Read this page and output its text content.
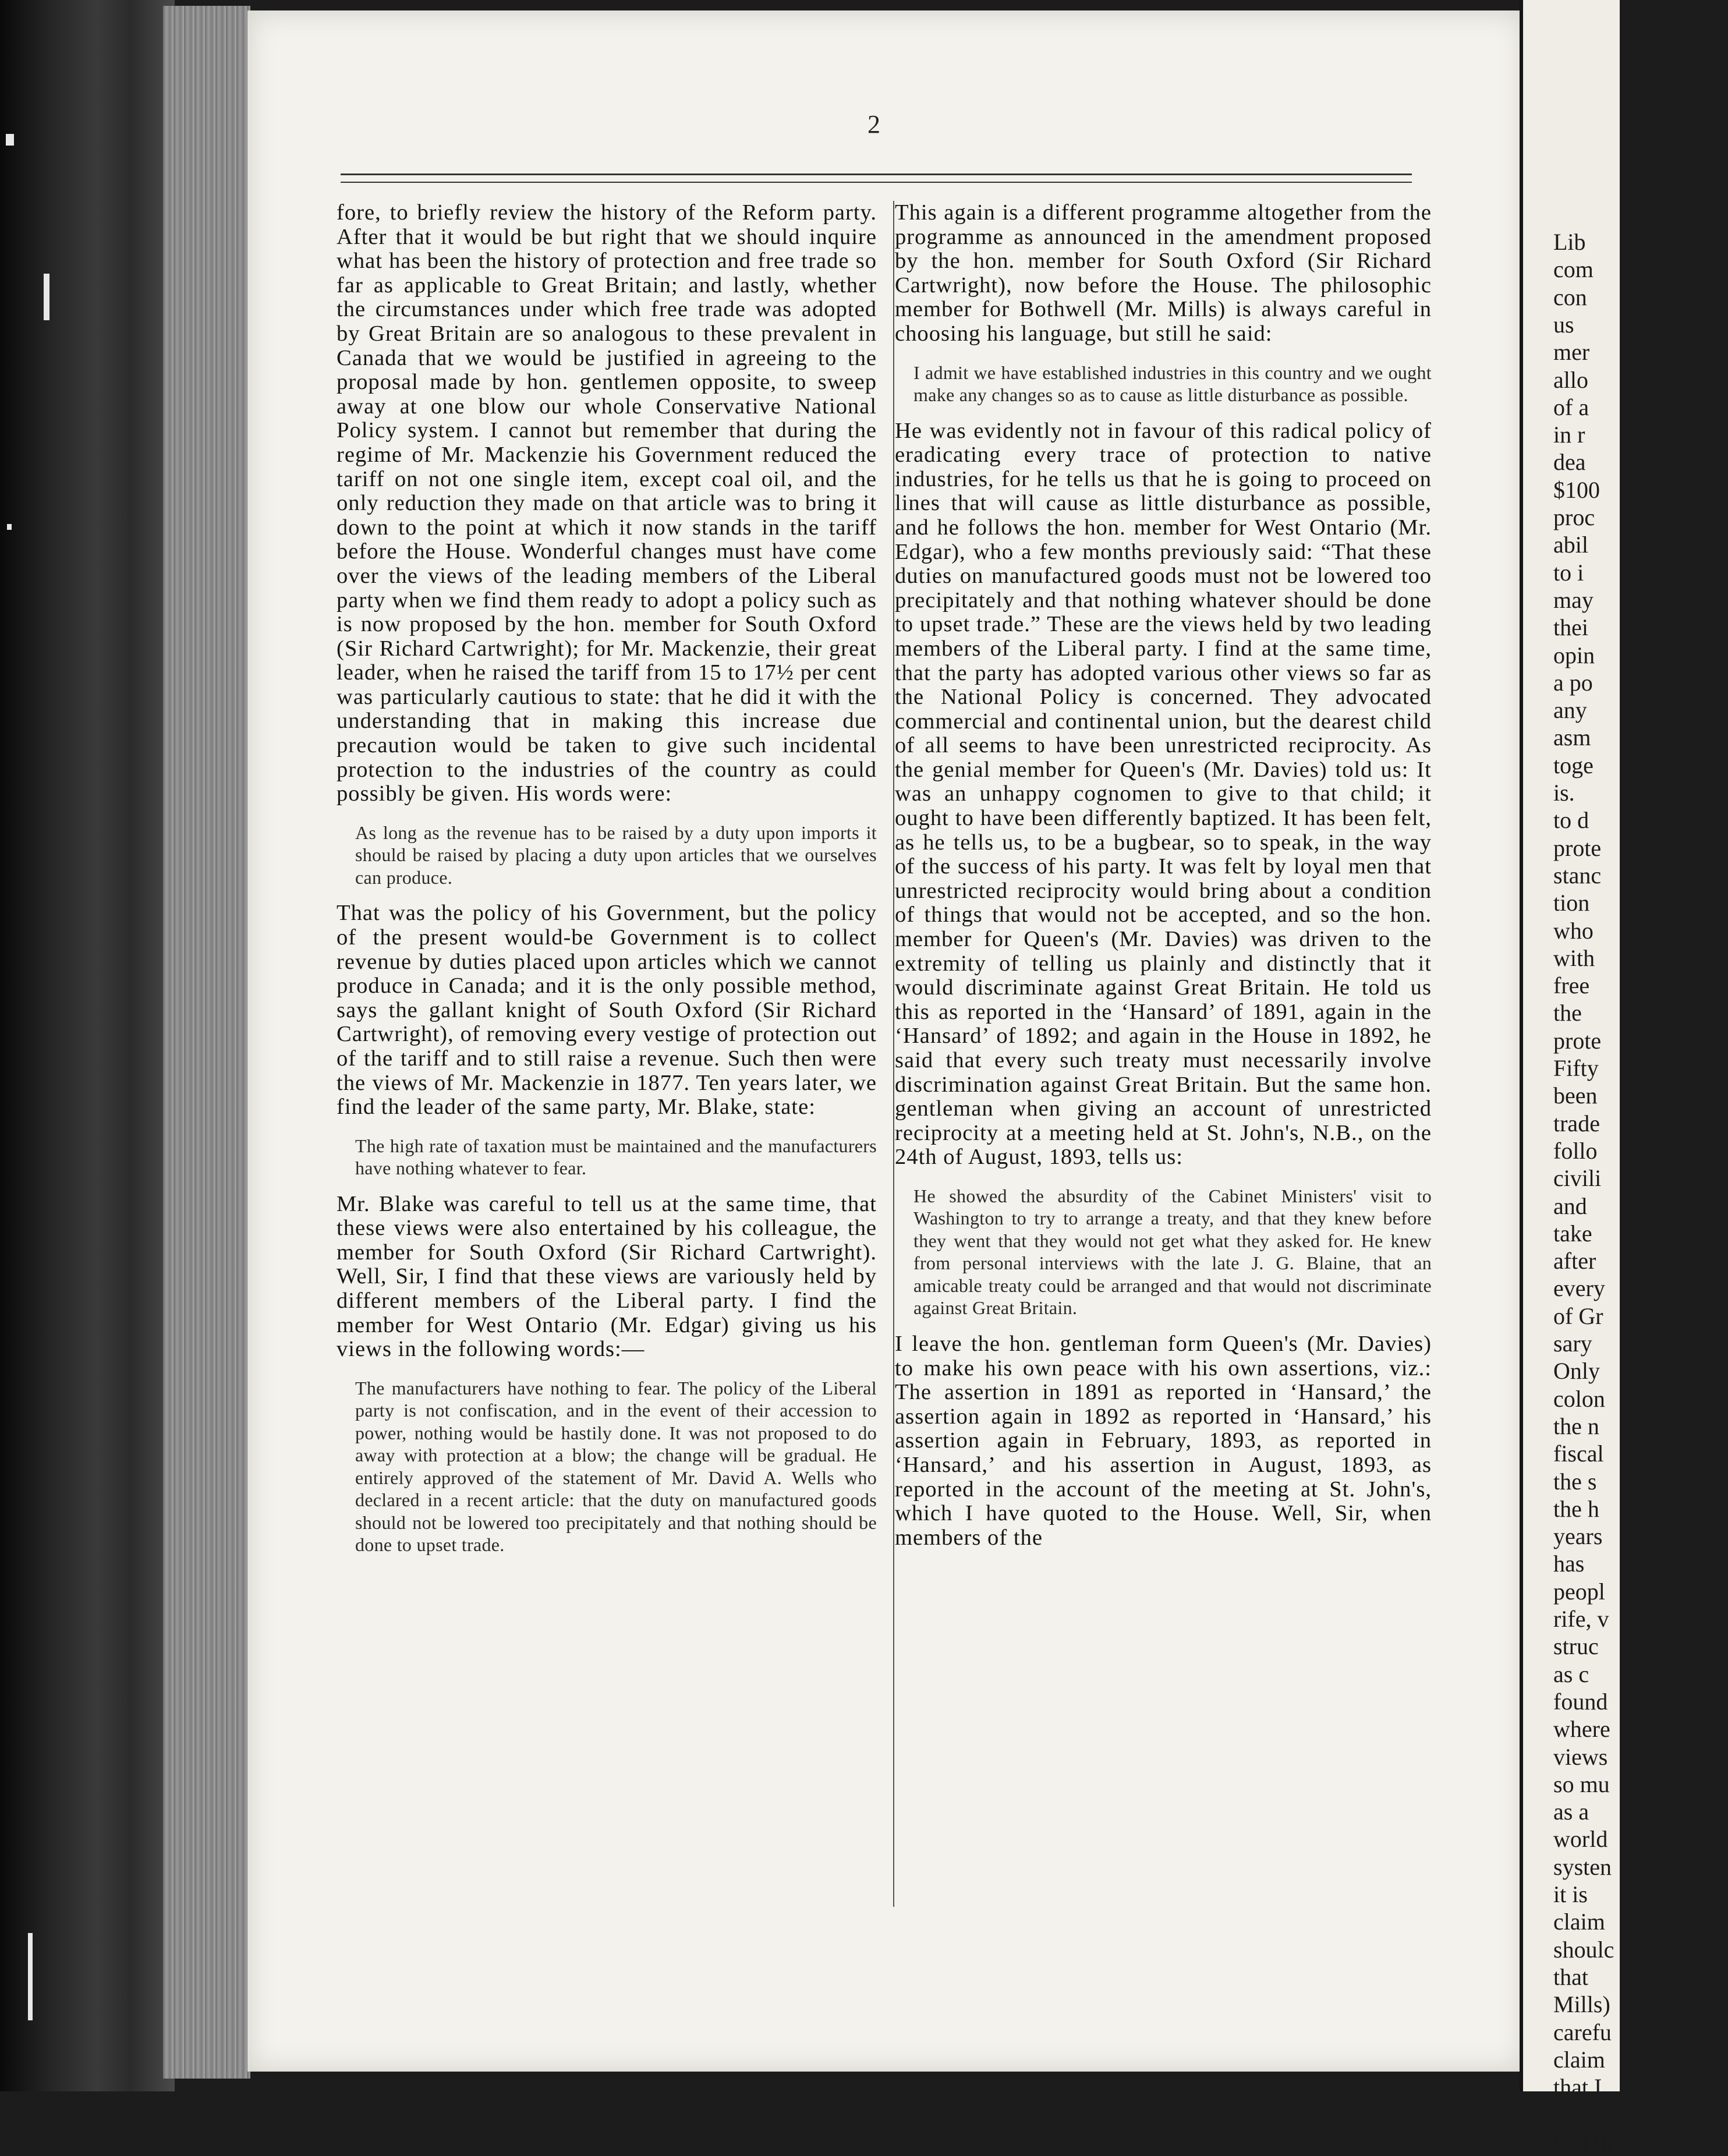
2

fore, to briefly review the history of the Reform party. After that it would be but right that we should inquire what has been the history of protection and free trade so far as applicable to Great Britain; and lastly, whether the circumstances under which free trade was adopted by Great Britain are so analogous to these prevalent in Canada that we would be justified in agreeing to the proposal made by hon. gentlemen opposite, to sweep away at one blow our whole Conservative National Policy system. I cannot but remember that during the regime of Mr. Mackenzie his Government reduced the tariff on not one single item, except coal oil, and the only reduction they made on that article was to bring it down to the point at which it now stands in the tariff before the House. Wonderful changes must have come over the views of the leading members of the Liberal party when we find them ready to adopt a policy such as is now proposed by the hon. member for South Oxford (Sir Richard Cartwright); for Mr. Mackenzie, their great leader, when he raised the tariff from 15 to 17½ per cent was particularly cautious to state: that he did it with the understanding that in making this increase due precaution would be taken to give such incidental protection to the industries of the country as could possibly be given. His words were:

As long as the revenue has to be raised by a duty upon imports it should be raised by placing a duty upon articles that we ourselves can produce.

That was the policy of his Government, but the policy of the present would-be Government is to collect revenue by duties placed upon articles which we cannot produce in Canada; and it is the only possible method, says the gallant knight of South Oxford (Sir Richard Cartwright), of removing every vestige of protection out of the tariff and to still raise a revenue. Such then were the views of Mr. Mackenzie in 1877. Ten years later, we find the leader of the same party, Mr. Blake, state:

The high rate of taxation must be maintained and the manufacturers have nothing whatever to fear.

Mr. Blake was careful to tell us at the same time, that these views were also entertained by his colleague, the member for South Oxford (Sir Richard Cartwright). Well, Sir, I find that these views are variously held by different members of the Liberal party. I find the member for West Ontario (Mr. Edgar) giving us his views in the following words:—

The manufacturers have nothing to fear. The policy of the Liberal party is not confiscation, and in the event of their accession to power, nothing would be hastily done. It was not proposed to do away with protection at a blow; the change will be gradual. He entirely approved of the statement of Mr. David A. Wells who declared in a recent article: that the duty on manufactured goods should not be lowered too precipitately and that nothing should be done to upset trade.

This again is a different programme altogether from the programme as announced in the amendment proposed by the hon. member for South Oxford (Sir Richard Cartwright), now before the House. The philosophic member for Bothwell (Mr. Mills) is always careful in choosing his language, but still he said:

I admit we have established industries in this country and we ought make any changes so as to cause as little disturbance as possible.

He was evidently not in favour of this radical policy of eradicating every trace of protection to native industries, for he tells us that he is going to proceed on lines that will cause as little disturbance as possible, and he follows the hon. member for West Ontario (Mr. Edgar), who a few months previously said: “That these duties on manufactured goods must not be lowered too precipitately and that nothing whatever should be done to upset trade.” These are the views held by two leading members of the Liberal party. I find at the same time, that the party has adopted various other views so far as the National Policy is concerned. They advocated commercial and continental union, but the dearest child of all seems to have been unrestricted reciprocity. As the genial member for Queen's (Mr. Davies) told us: It was an unhappy cognomen to give to that child; it ought to have been differently baptized. It has been felt, as he tells us, to be a bugbear, so to speak, in the way of the success of his party. It was felt by loyal men that unrestricted reciprocity would bring about a condition of things that would not be accepted, and so the hon. member for Queen's (Mr. Davies) was driven to the extremity of telling us plainly and distinctly that it would discriminate against Great Britain. He told us this as reported in the ‘Hansard’ of 1891, again in the ‘Hansard’ of 1892; and again in the House in 1892, he said that every such treaty must necessarily involve discrimination against Great Britain. But the same hon. gentleman when giving an account of unrestricted reciprocity at a meeting held at St. John's, N.B., on the 24th of August, 1893, tells us:

He showed the absurdity of the Cabinet Ministers' visit to Washington to try to arrange a treaty, and that they knew before they went that they would not get what they asked for. He knew from personal interviews with the late J. G. Blaine, that an amicable treaty could be arranged and that would not discriminate against Great Britain.

I leave the hon. gentleman form Queen's (Mr. Davies) to make his own peace with his own assertions, viz.: The assertion in 1891 as reported in ‘Hansard,’ the assertion again in 1892 as reported in ‘Hansard,’ his assertion again in February, 1893, as reported in ‘Hansard,’ and his assertion in August, 1893, as reported in the account of the meeting at St. John's, which I have quoted to the House. Well, Sir, when members of the

Lib
com
con
us
mer
allo
of a
in r
dea
$100
proc
abil
to i
may
thei
opin
a po
any
asm
toge
is.
to d
prote
stanc
tion
who
with
free
the
prote
Fifty
been
trade
follo
civili
and
take
after
every
of Gr
sary
Only
colon
the n
fiscal
the s
the h
years
has
peopl
rife, v
struc
as c
found
where
views
so mu
as a
world
systen
it is
claim
shoulc
that
Mills)
carefu
claim
that I
last fi
that th
